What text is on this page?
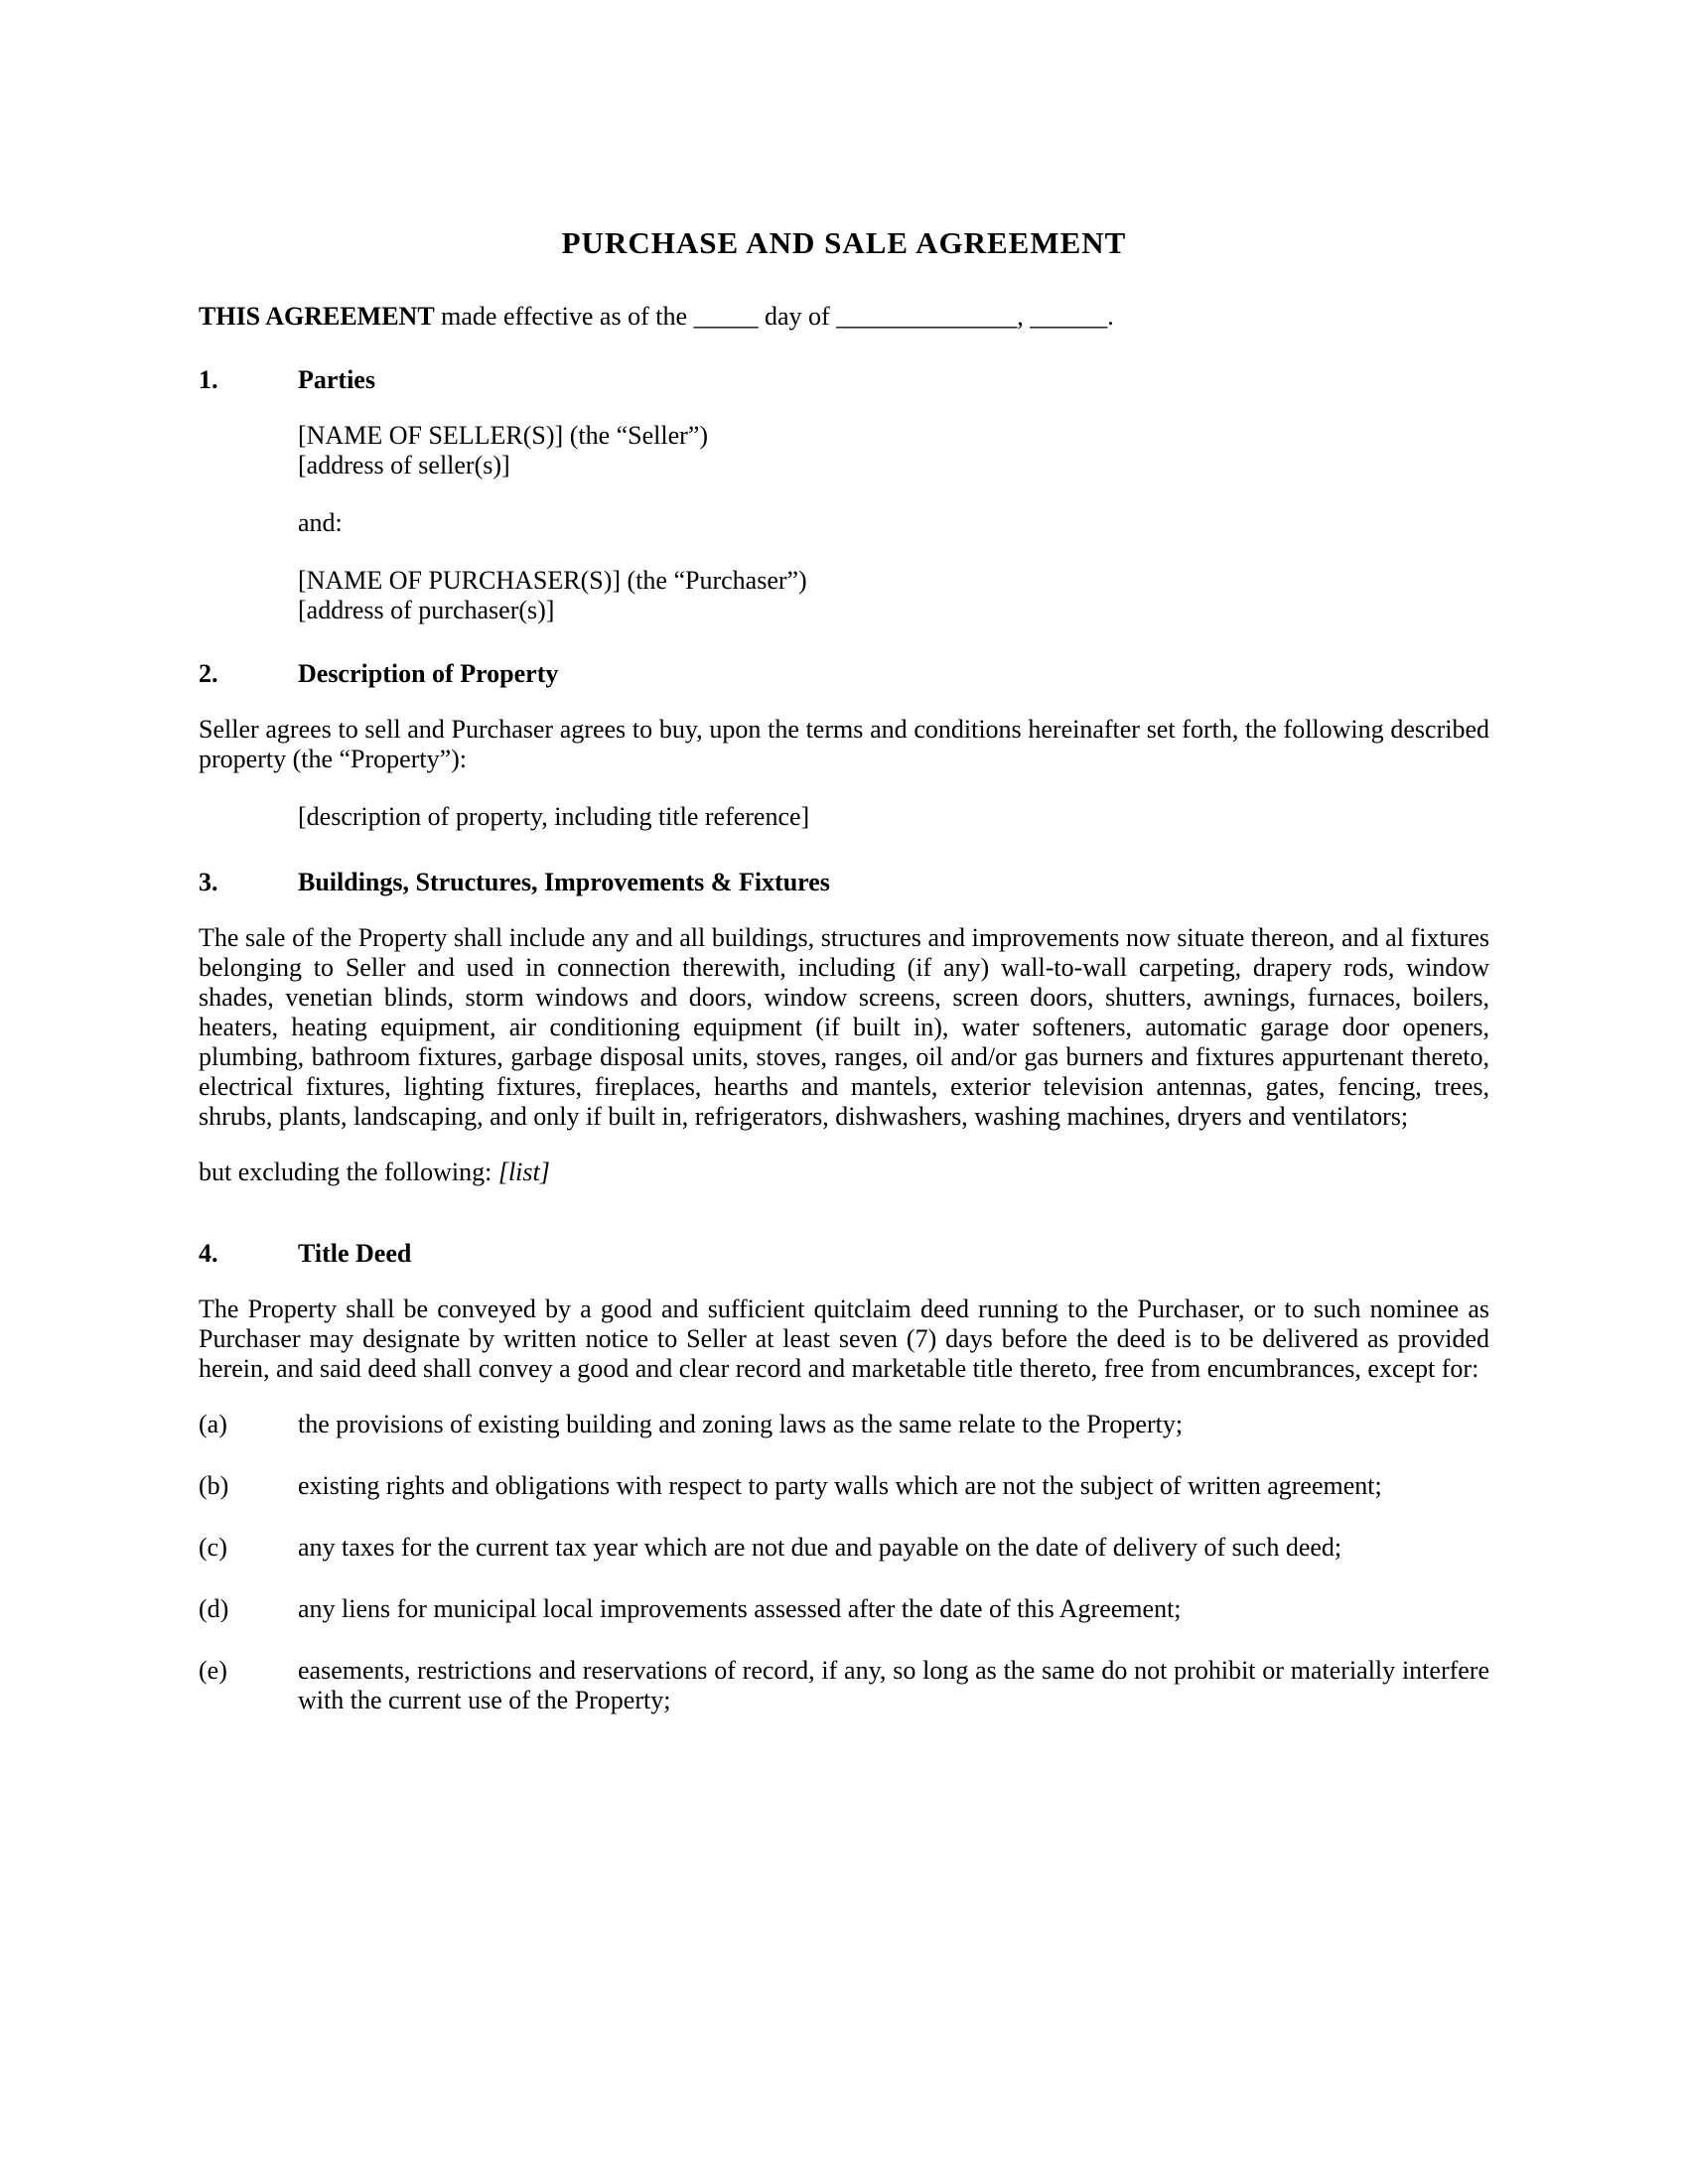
PURCHASE AND SALE AGREEMENT

THIS AGREEMENT made effective as of the _____ day of ______________, ______.

1.	Parties

[NAME OF SELLER(S)] (the “Seller”)

[address of seller(s)]

and:

[NAME OF PURCHASER(S)] (the “Purchaser”)

[address of purchaser(s)]

2.	Description of Property

Seller agrees to sell and Purchaser agrees to buy, upon the terms and conditions hereinafter set forth, the following described property (the “Property”):

[description of property, including title reference]

3.	Buildings, Structures, Improvements & Fixtures

The sale of the Property shall include any and all buildings, structures and improvements now situate thereon, and al fixtures belonging to Seller and used in connection therewith, including (if any) wall-to-wall carpeting, drapery rods, window shades, venetian blinds, storm windows and doors, window screens, screen doors, shutters, awnings, furnaces, boilers, heaters, heating equipment, air conditioning equipment (if built in), water softeners, automatic garage door openers, plumbing, bathroom fixtures, garbage disposal units, stoves, ranges, oil and/or gas burners and fixtures appurtenant thereto, electrical fixtures, lighting fixtures, fireplaces, hearths and mantels, exterior television antennas, gates, fencing, trees, shrubs, plants, landscaping, and only if built in, refrigerators, dishwashers, washing machines, dryers and ventilators;

but excluding the following: [list]

4.	Title Deed

The Property shall be conveyed by a good and sufficient quitclaim deed running to the Purchaser, or to such nominee as Purchaser may designate by written notice to Seller at least seven (7) days before the deed is to be delivered as provided herein, and said deed shall convey a good and clear record and marketable title thereto, free from encumbrances, except for:

(a)	the provisions of existing building and zoning laws as the same relate to the Property;
(b)	existing rights and obligations with respect to party walls which are not the subject of written agreement;
(c)	any taxes for the current tax year which are not due and payable on the date of delivery of such deed;
(d)	any liens for municipal local improvements assessed after the date of this Agreement;
(e)	easements, restrictions and reservations of record, if any, so long as the same do not prohibit or materially interfere with the current use of the Property;
